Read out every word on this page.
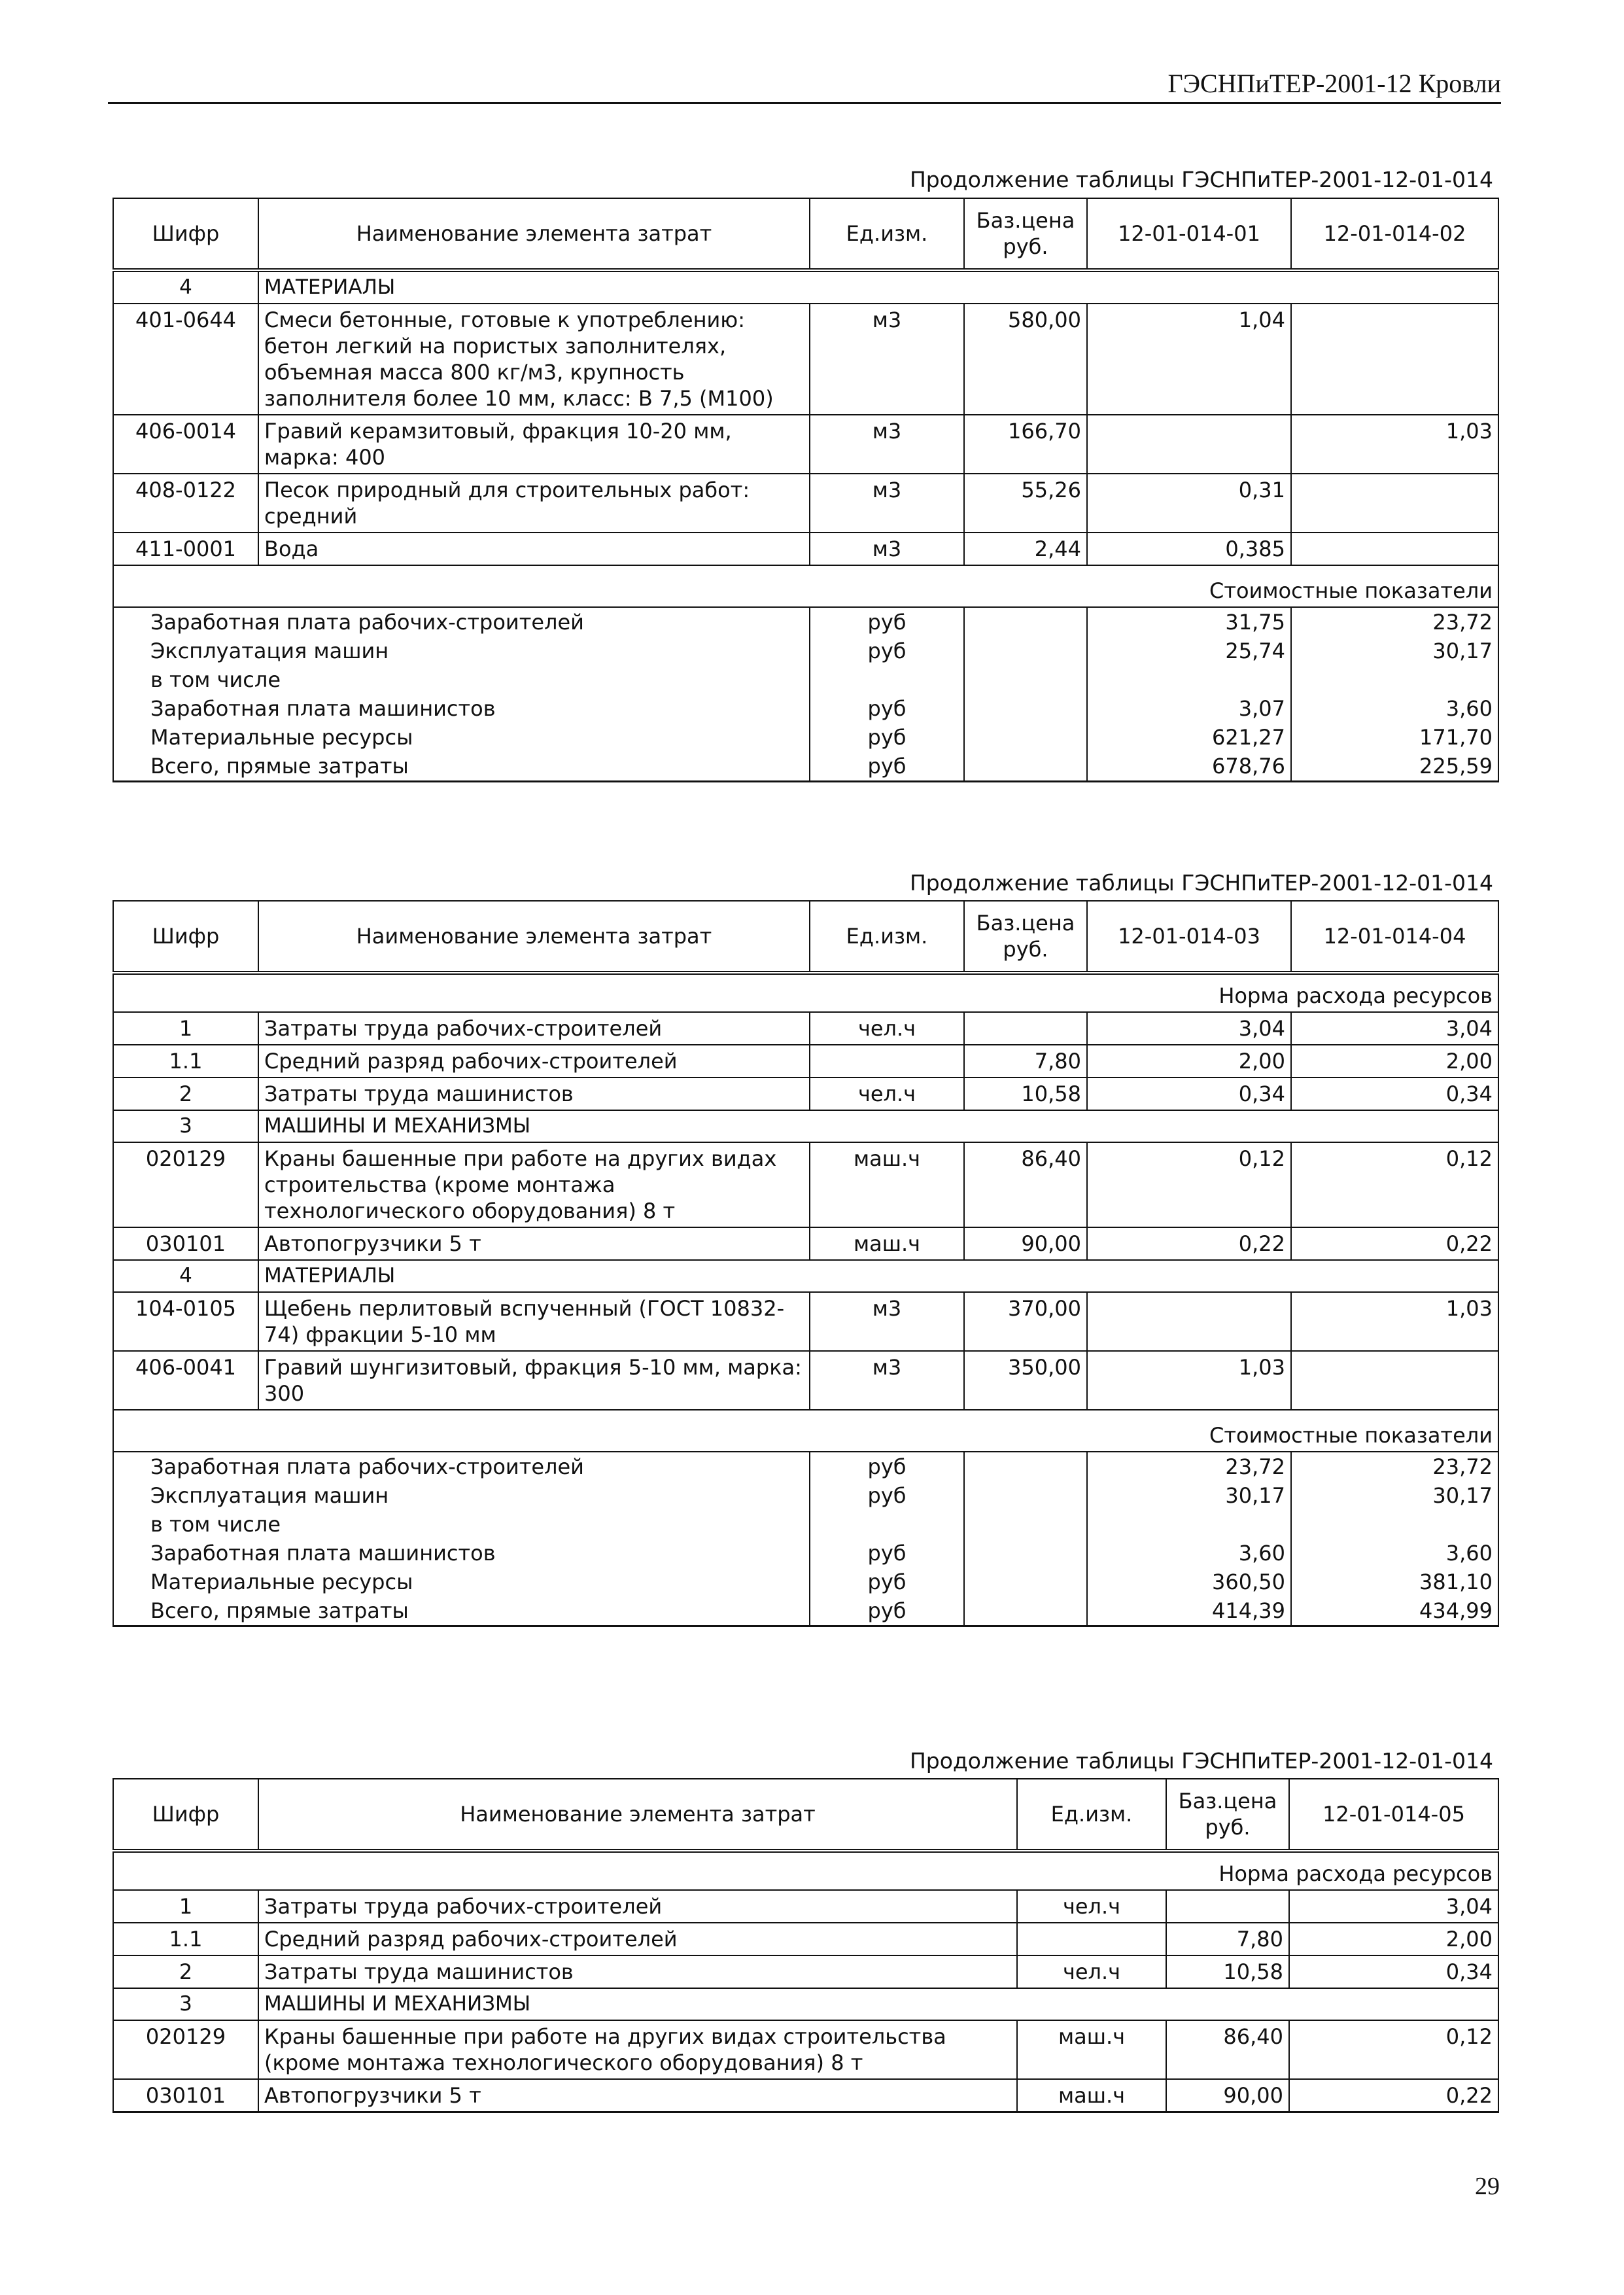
ГЭСНПиТЕР-2001-12 Кровли
Продолжение таблицы ГЭСНПиТЕР-2001-12-01-014
Шифр	Наименование элемента затрат	Ед.изм.	Баз.цена руб.	12-01-014-01	12-01-014-02
4	МАТЕРИАЛЫ				
401-0644	Смеси бетонные, готовые к употреблению: бетон легкий на пористых заполнителях, объемная масса 800 кг/м3, крупность заполнителя более 10 мм, класс: В 7,5 (М100)	м3	580,00	1,04	
406-0014	Гравий керамзитовый, фракция 10-20 мм, марка: 400	м3	166,70		1,03
408-0122	Песок природный для строительных работ: средний	м3	55,26	0,31	
411-0001	Вода	м3	2,44	0,385	
Стоимостные показатели					
Заработная плата рабочих-строителей		руб		31,75	23,72
Эксплуатация машин		руб		25,74	30,17
в том числе					
Заработная плата машинистов		руб		3,07	3,60
Материальные ресурсы		руб		621,27	171,70
Всего, прямые затраты		руб		678,76	225,59
Продолжение таблицы ГЭСНПиТЕР-2001-12-01-014
Шифр	Наименование элемента затрат	Ед.изм.	Баз.цена руб.	12-01-014-03	12-01-014-04
Норма расхода ресурсов					
1	Затраты труда рабочих-строителей	чел.ч		3,04	3,04
1.1	Средний разряд рабочих-строителей		7,80	2,00	2,00
2	Затраты труда машинистов	чел.ч	10,58	0,34	0,34
3	МАШИНЫ И МЕХАНИЗМЫ				
020129	Краны башенные при работе на других видах строительства (кроме монтажа технологического оборудования) 8 т	маш.ч	86,40	0,12	0,12
030101	Автопогрузчики 5 т	маш.ч	90,00	0,22	0,22
4	МАТЕРИАЛЫ				
104-0105	Щебень перлитовый вспученный (ГОСТ 10832-74) фракции 5-10 мм	м3	370,00		1,03
406-0041	Гравий шунгизитовый, фракция 5-10 мм, марка: 300	м3	350,00	1,03	
Стоимостные показатели					
Заработная плата рабочих-строителей		руб		23,72	23,72
Эксплуатация машин		руб		30,17	30,17
в том числе					
Заработная плата машинистов		руб		3,60	3,60
Материальные ресурсы		руб		360,50	381,10
Всего, прямые затраты		руб		414,39	434,99
Продолжение таблицы ГЭСНПиТЕР-2001-12-01-014
Шифр	Наименование элемента затрат	Ед.изм.	Баз.цена руб.	12-01-014-05
Норма расхода ресурсов				
1	Затраты труда рабочих-строителей	чел.ч		3,04
1.1	Средний разряд рабочих-строителей		7,80	2,00
2	Затраты труда машинистов	чел.ч	10,58	0,34
3	МАШИНЫ И МЕХАНИЗМЫ			
020129	Краны башенные при работе на других видах строительства (кроме монтажа технологического оборудования) 8 т	маш.ч	86,40	0,12
030101	Автопогрузчики 5 т	маш.ч	90,00	0,22
29
